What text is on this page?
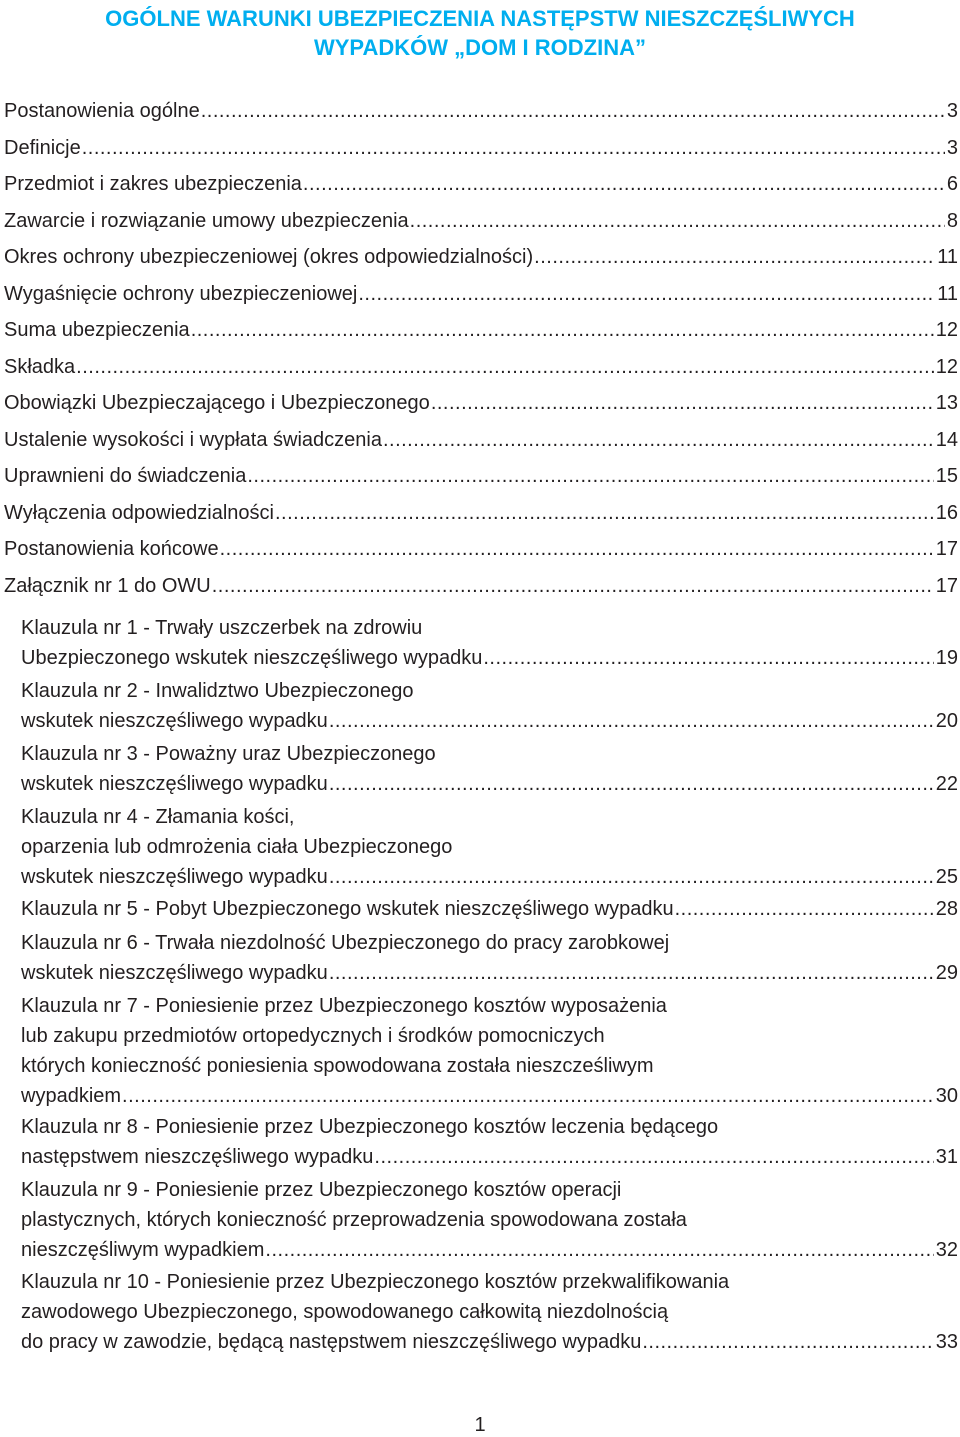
OGÓLNE WARUNKI UBEZPIECZENIA NASTĘPSTW NIESZCZĘŚLIWYCH
WYPADKÓW „DOM I RODZINA”
Postanowienia ogólne .....	3
Definicje .....	3
Przedmiot i zakres ubezpieczenia .....	6
Zawarcie i rozwiązanie umowy ubezpieczenia .....	8
Okres ochrony ubezpieczeniowej (okres odpowiedzialności) .....	11
Wygaśnięcie ochrony ubezpieczeniowej .....	11
Suma ubezpieczenia .....	12
Składka .....	12
Obowiązki Ubezpieczającego i Ubezpieczonego .....	13
Ustalenie wysokości i wypłata świadczenia .....	14
Uprawnieni do świadczenia .....	15
Wyłączenia odpowiedzialności .....	16
Postanowienia końcowe .....	17
Załącznik nr 1 do OWU .....	17
Klauzula nr 1 - Trwały uszczerbek na zdrowiu
Ubezpieczonego wskutek nieszczęśliwego wypadku .....	19
Klauzula nr 2 - Inwalidztwo Ubezpieczonego
wskutek nieszczęśliwego wypadku .....	20
Klauzula nr 3 - Poważny uraz Ubezpieczonego
wskutek nieszczęśliwego wypadku .....	22
Klauzula nr 4 - Złamania kości,
oparzenia lub odmrożenia ciała Ubezpieczonego
wskutek nieszczęśliwego wypadku .....	25
Klauzula nr 5 - Pobyt Ubezpieczonego wskutek nieszczęśliwego wypadku .....	28
Klauzula nr 6 - Trwała niezdolność Ubezpieczonego do pracy zarobkowej
wskutek nieszczęśliwego wypadku .....	29
Klauzula nr 7 - Poniesienie przez Ubezpieczonego kosztów wyposażenia
lub zakupu przedmiotów ortopedycznych i środków pomocniczych
których konieczność poniesienia spowodowana została nieszcześliwym
wypadkiem .....	30
Klauzula nr 8 - Poniesienie przez Ubezpieczonego kosztów leczenia będącego
następstwem nieszczęśliwego wypadku .....	31
Klauzula nr 9 - Poniesienie przez Ubezpieczonego kosztów operacji
plastycznych, których konieczność przeprowadzenia spowodowana została
nieszczęśliwym wypadkiem .....	32
Klauzula nr 10 - Poniesienie przez Ubezpieczonego kosztów przekwalifikowania
zawodowego Ubezpieczonego, spowodowanego całkowitą niezdolnością
do pracy w zawodzie, będącą następstwem nieszczęśliwego wypadku .....	33
1
